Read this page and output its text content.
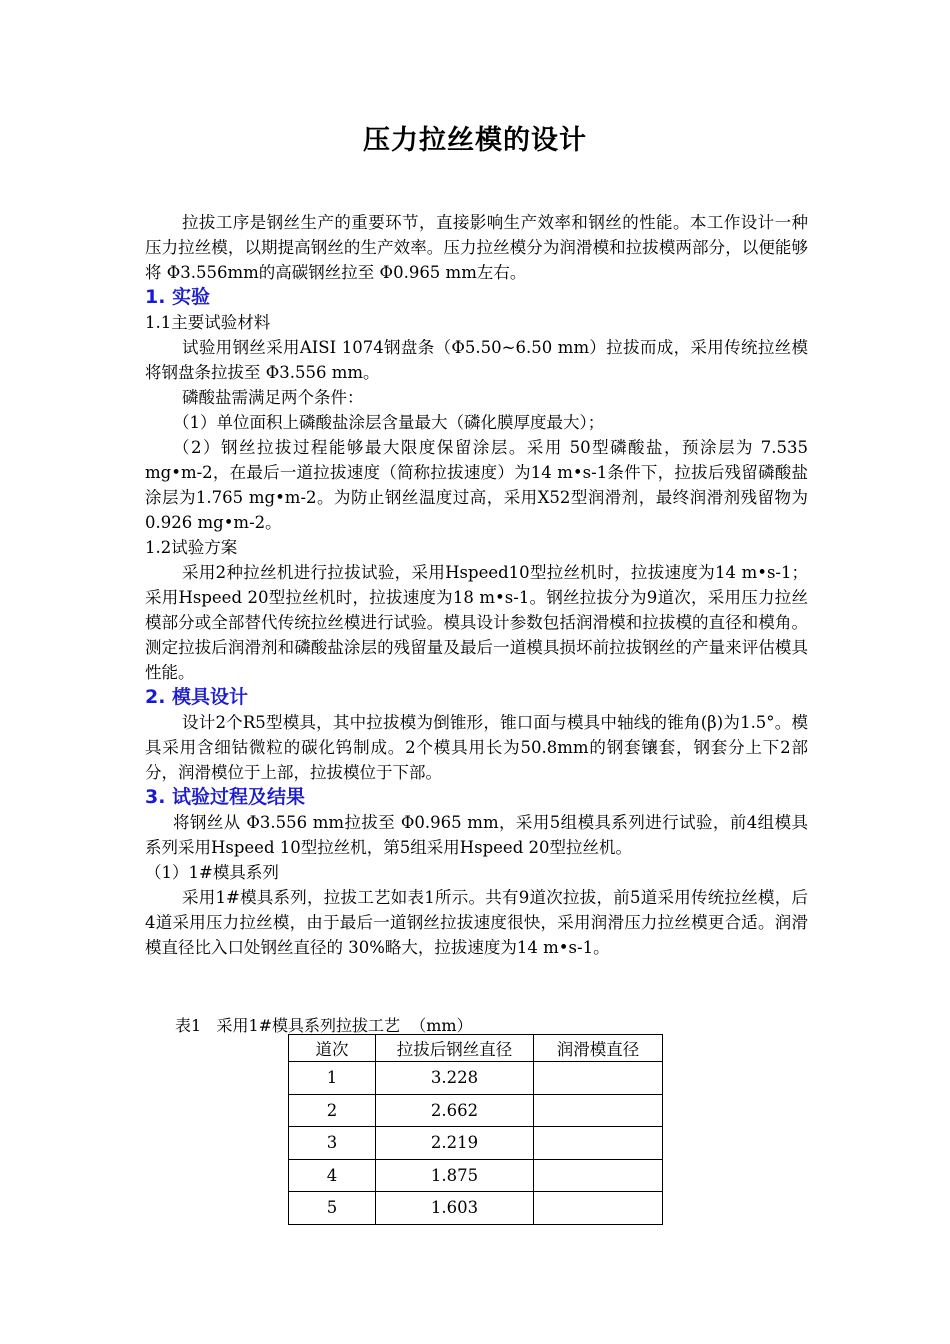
压力拉丝模的设计

拉拔工序是钢丝生产的重要环节，直接影响生产效率和钢丝的性能。本工作设计一种压力拉丝模，以期提高钢丝的生产效率。压力拉丝模分为润滑模和拉拔模两部分，以便能够将 Φ3.556mm的高碳钢丝拉至 Φ0.965 mm左右。

1. 实验

1.1主要试验材料

试验用钢丝采用AISI 1074钢盘条（Φ5.50~6.50 mm）拉拔而成，采用传统拉丝模将钢盘条拉拔至 Φ3.556 mm。

磷酸盐需满足两个条件：

（1）单位面积上磷酸盐涂层含量最大（磷化膜厚度最大）；

（2）钢丝拉拔过程能够最大限度保留涂层。采用 50型磷酸盐，预涂层为 7.535 mg•m-2，在最后一道拉拔速度（简称拉拔速度）为14 m•s-1条件下，拉拔后残留磷酸盐涂层为1.765 mg•m-2。为防止钢丝温度过高，采用X52型润滑剂，最终润滑剂残留物为0.926 mg•m-2。

1.2试验方案

采用2种拉丝机进行拉拔试验，采用Hspeed10型拉丝机时，拉拔速度为14 m•s-1；采用Hspeed 20型拉丝机时，拉拔速度为18 m•s-1。钢丝拉拔分为9道次，采用压力拉丝模部分或全部替代传统拉丝模进行试验。模具设计参数包括润滑模和拉拔模的直径和模角。测定拉拔后润滑剂和磷酸盐涂层的残留量及最后一道模具损坏前拉拔钢丝的产量来评估模具性能。

2. 模具设计

设计2个R5型模具，其中拉拔模为倒锥形，锥口面与模具中轴线的锥角(β)为1.5°。模具采用含细钴微粒的碳化钨制成。2个模具用长为50.8mm的钢套镶套，钢套分上下2部分，润滑模位于上部，拉拔模位于下部。

3. 试验过程及结果

将钢丝从 Φ3.556 mm拉拔至 Φ0.965 mm，采用5组模具系列进行试验，前4组模具系列采用Hspeed 10型拉丝机，第5组采用Hspeed 20型拉丝机。

（1）1#模具系列

采用1#模具系列，拉拔工艺如表1所示。共有9道次拉拔，前5道采用传统拉丝模，后4道采用压力拉丝模，由于最后一道钢丝拉拔速度很快，采用润滑压力拉丝模更合适。润滑模直径比入口处钢丝直径的 30%略大，拉拔速度为14 m•s-1。

表1   采用1#模具系列拉拔工艺  （mm）
道次	拉拔后钢丝直径	润滑模直径
1	3.228	
2	2.662	
3	2.219	
4	1.875	
5	1.603	
